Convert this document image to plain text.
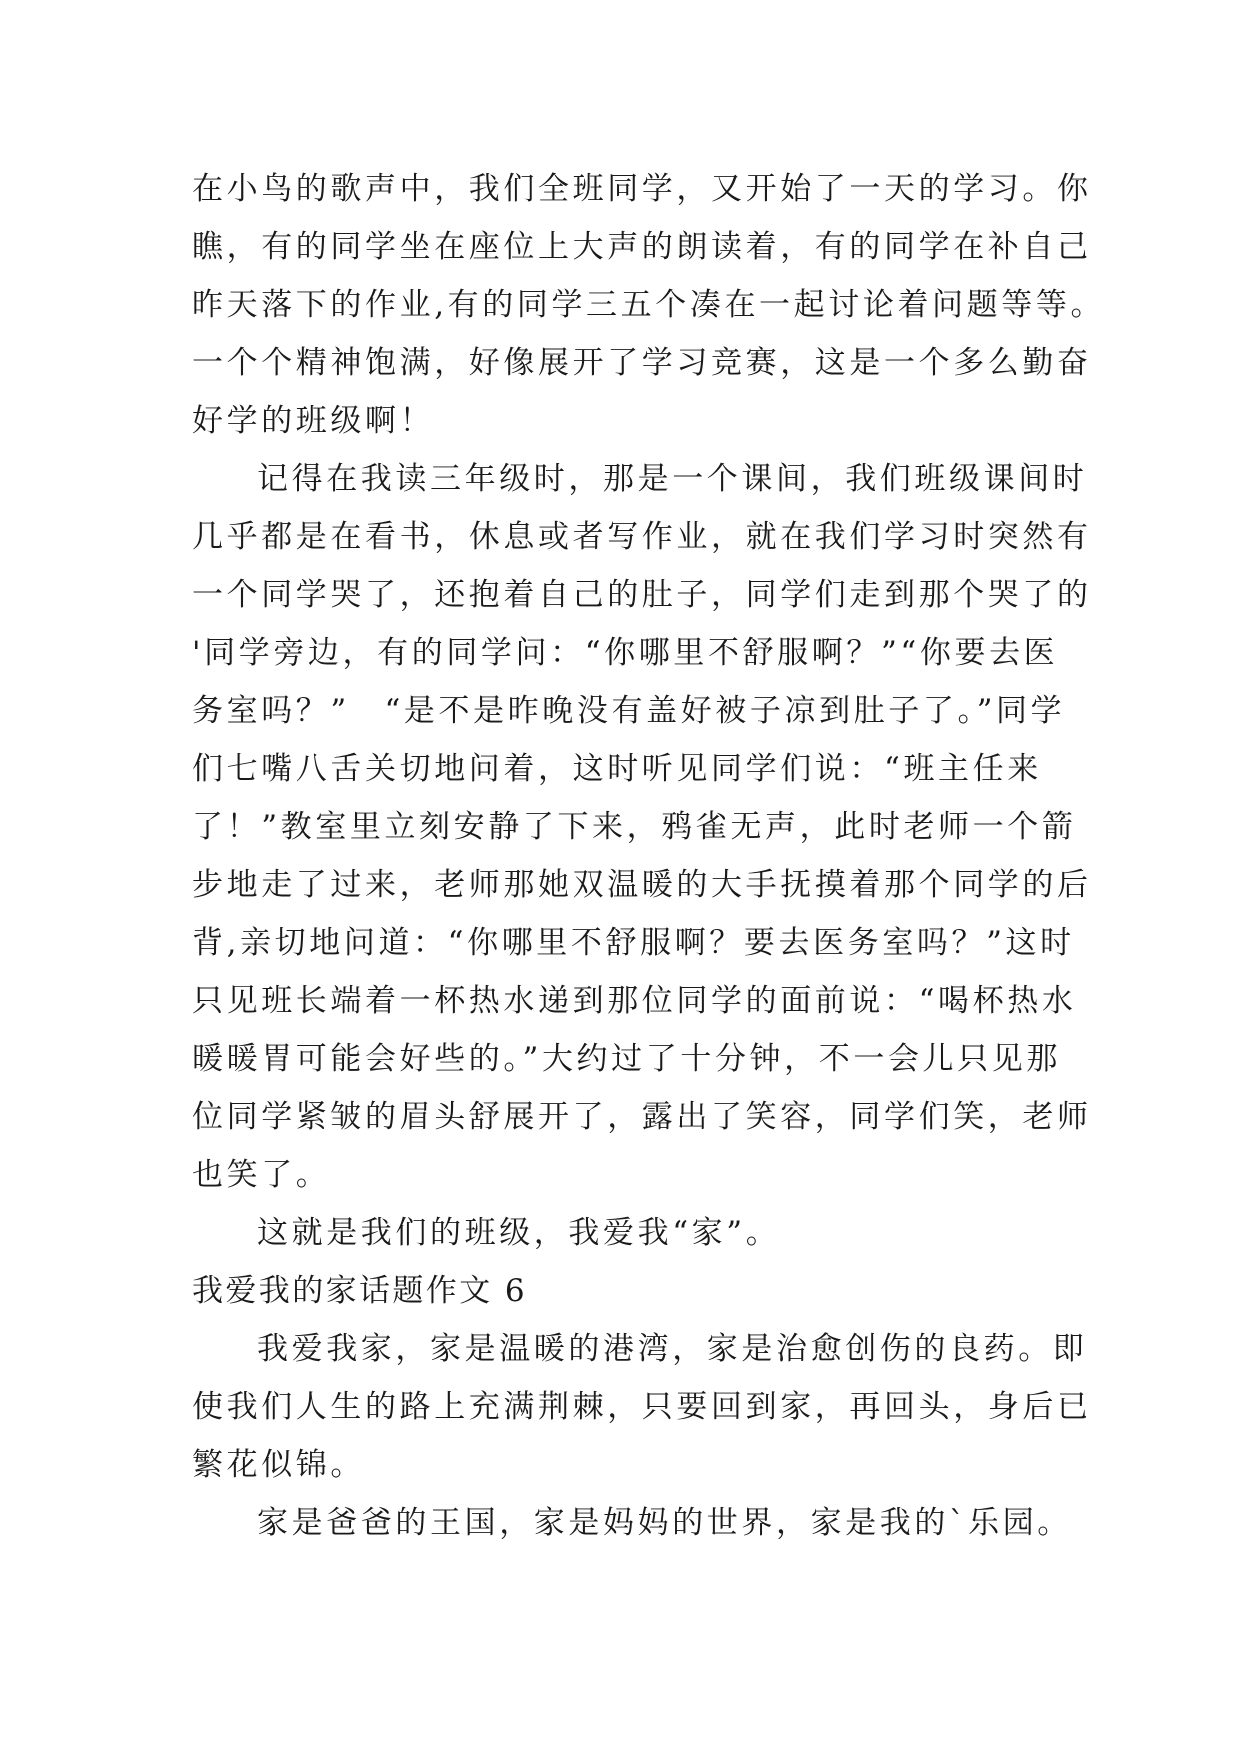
在小鸟的歌声中，我们全班同学，又开始了一天的学习。你
瞧，有的同学坐在座位上大声的朗读着，有的同学在补自己
昨天落下的作业,有的同学三五个凑在一起讨论着问题等等。
一个个精神饱满，好像展开了学习竞赛，这是一个多么勤奋
好学的班级啊！
记得在我读三年级时，那是一个课间，我们班级课间时
几乎都是在看书，休息或者写作业，就在我们学习时突然有
一个同学哭了，还抱着自己的肚子，同学们走到那个哭了的
'同学旁边，有的同学问：“你哪里不舒服啊？”“你要去医
务室吗？”　“是不是昨晚没有盖好被子凉到肚子了。”同学
们七嘴八舌关切地问着，这时听见同学们说：“班主任来
了！”教室里立刻安静了下来，鸦雀无声，此时老师一个箭
步地走了过来，老师那她双温暖的大手抚摸着那个同学的后
背,亲切地问道：“你哪里不舒服啊？要去医务室吗？”这时
只见班长端着一杯热水递到那位同学的面前说：“喝杯热水
暖暖胃可能会好些的。”大约过了十分钟，不一会儿只见那
位同学紧皱的眉头舒展开了，露出了笑容，同学们笑，老师
也笑了。
这就是我们的班级，我爱我“家”。
我爱我的家话题作文 6
我爱我家，家是温暖的港湾，家是治愈创伤的良药。即
使我们人生的路上充满荆棘，只要回到家，再回头，身后已
繁花似锦。
家是爸爸的王国，家是妈妈的世界，家是我的`乐园。
